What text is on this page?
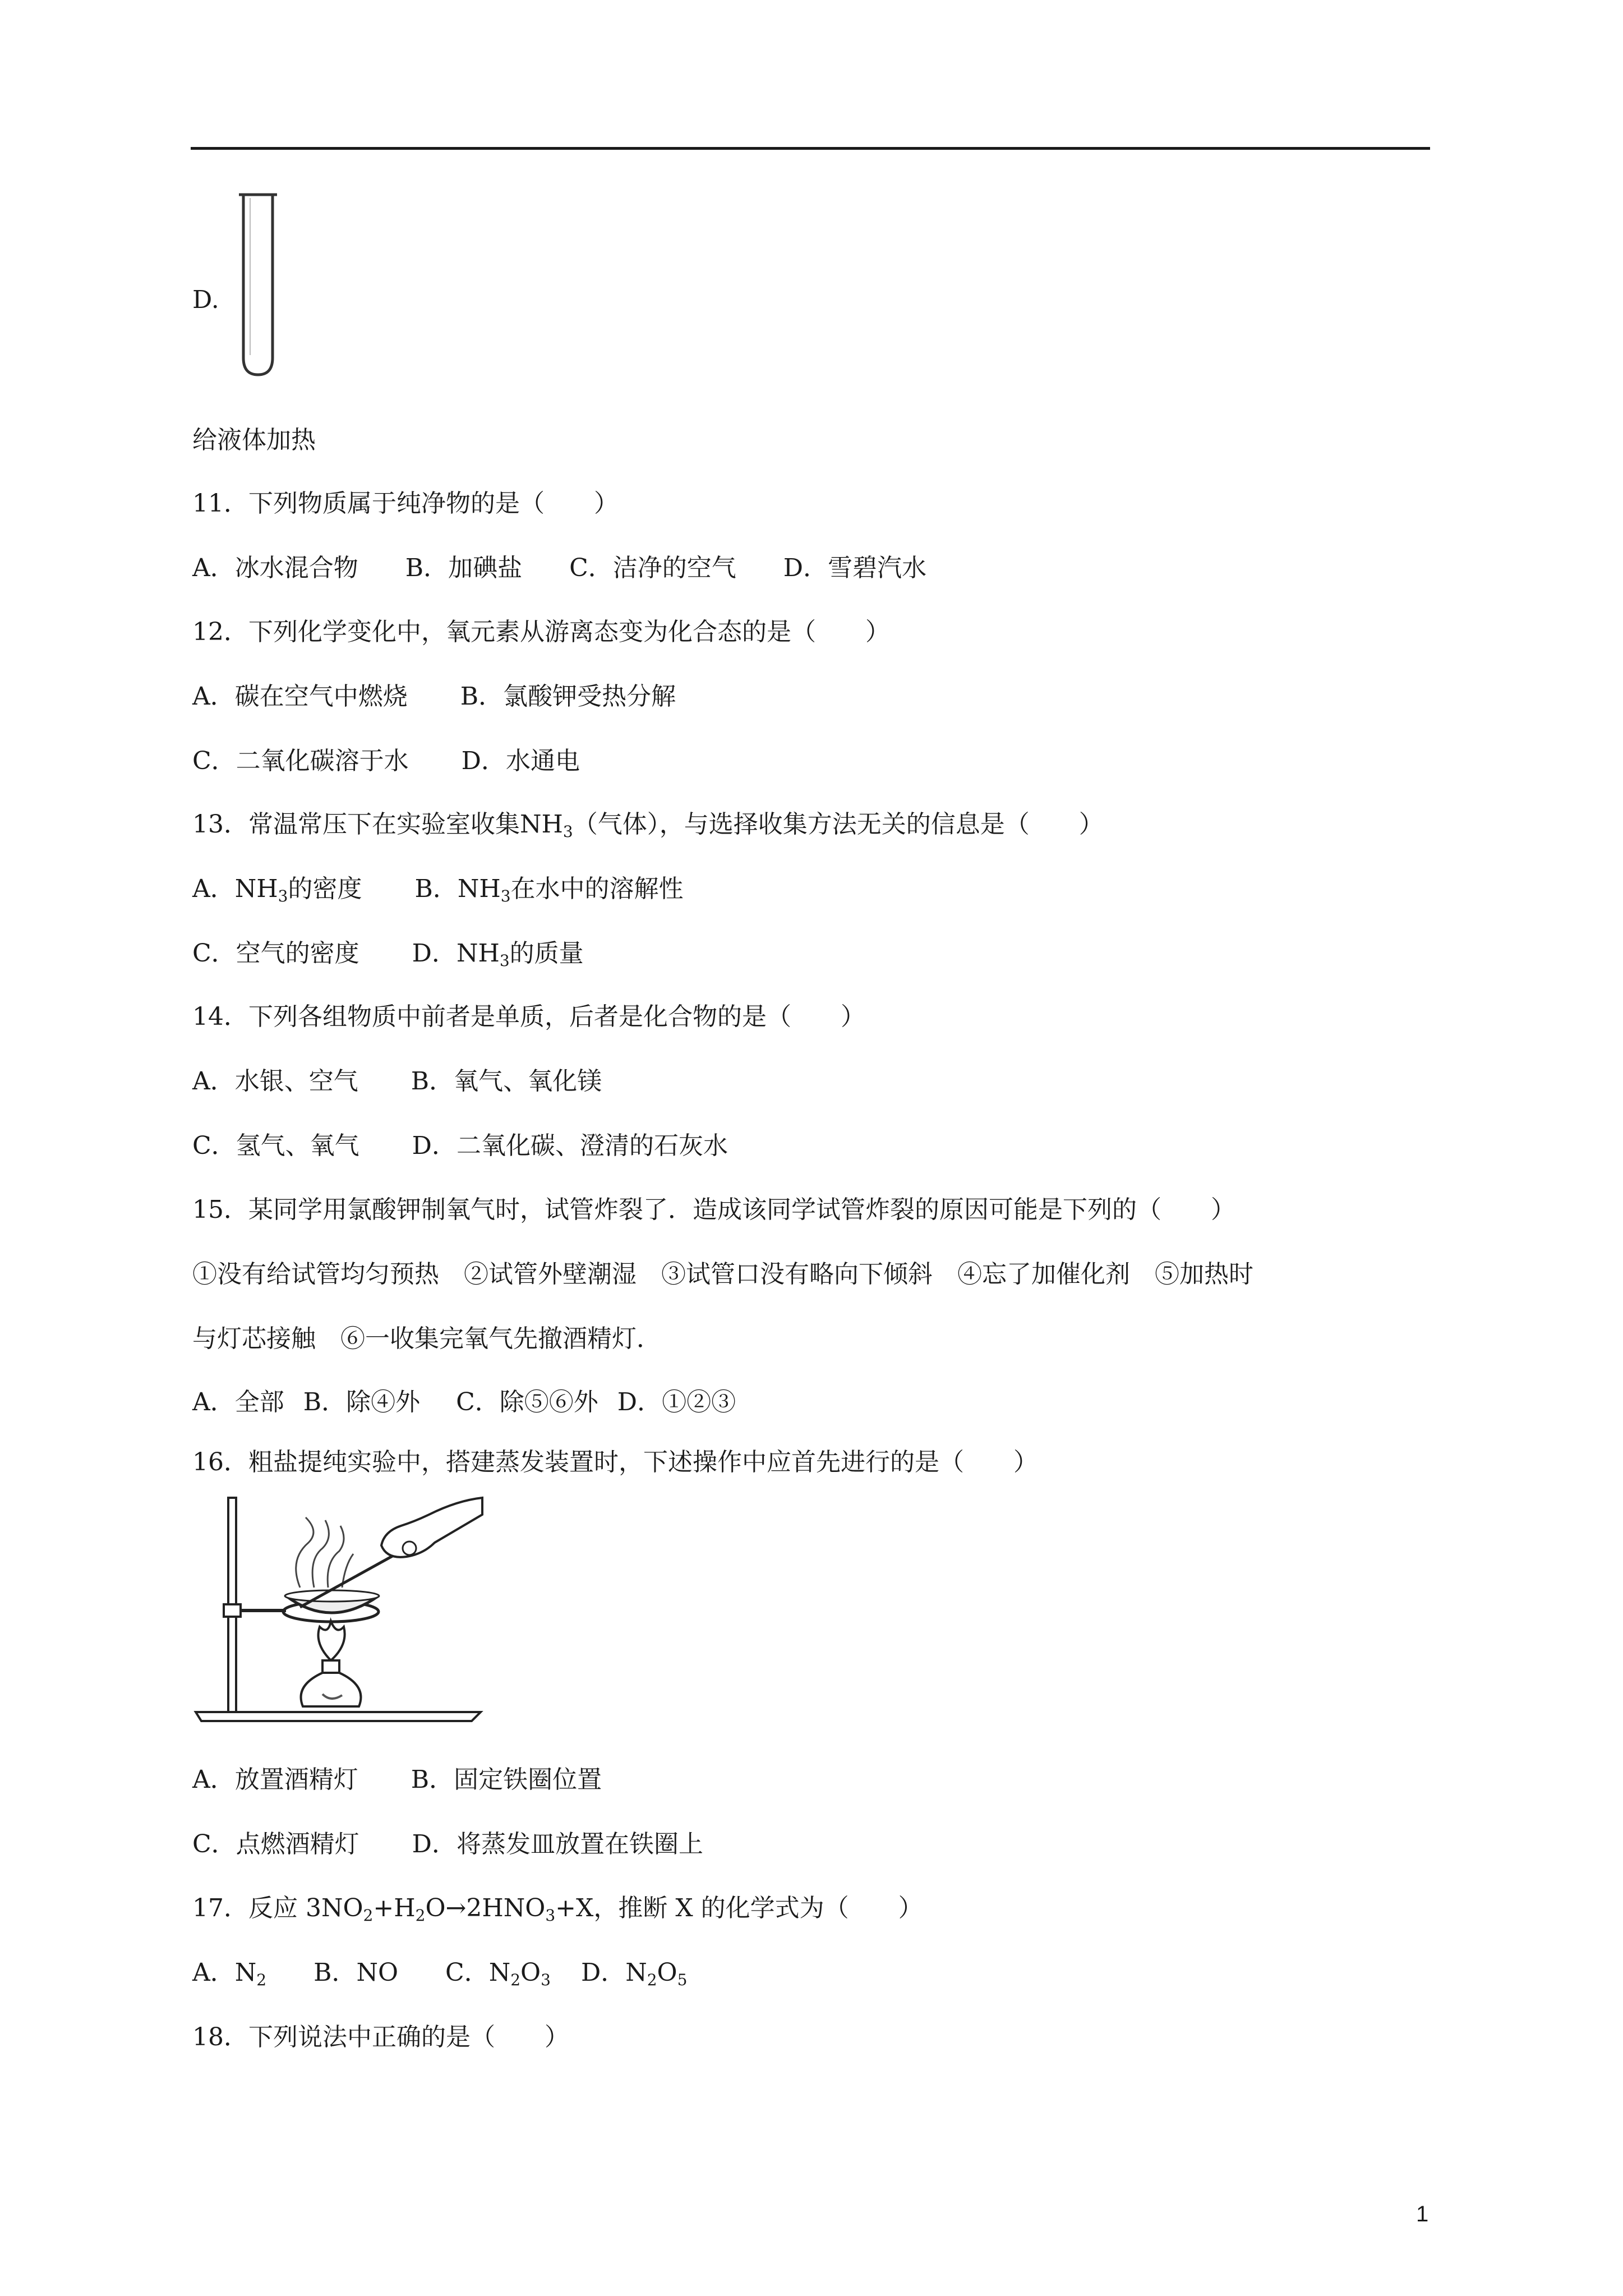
D.
给液体加热
11．下列物质属于纯净物的是（　　）
A．冰水混合物 B．加碘盐 C．洁净的空气 D．雪碧汽水
12．下列化学变化中，氧元素从游离态变为化合态的是（　　）
A．碳在空气中燃烧 B．氯酸钾受热分解
C．二氧化碳溶于水 D．水通电
13．常温常压下在实验室收集$NH_3$（气体），与选择收集方法无关的信息是（　　）
A．$NH_3$的密度 B．$NH_3$在水中的溶解性
C．空气的密度 D．$NH_3$的质量
14．下列各组物质中前者是单质，后者是化合物的是（　　）
A．水银、空气 B．氧气、氧化镁
C．氢气、氧气 D．二氧化碳、澄清的石灰水
15．某同学用氯酸钾制氧气时，试管炸裂了．造成该同学试管炸裂的原因可能是下列的（　　）
①没有给试管均匀预热　②试管外壁潮湿　③试管口没有略向下倾斜　④忘了加催化剂　⑤加热时
与灯芯接触　⑥一收集完氧气先撤酒精灯．
A．全部 B．除④外 C．除⑤⑥外 D．①②③
16．粗盐提纯实验中，搭建蒸发装置时，下述操作中应首先进行的是（　　）
A．放置酒精灯 B．固定铁圈位置
C．点燃酒精灯 D．将蒸发皿放置在铁圈上
17．反应 $3NO_2+H_2O\to 2HNO_3+X$，推断 X 的化学式为（　　）
A．$N_2$ B．NO C．$N_2O_3$ D．$N_2O_5$
18．下列说法中正确的是（　　）
1
